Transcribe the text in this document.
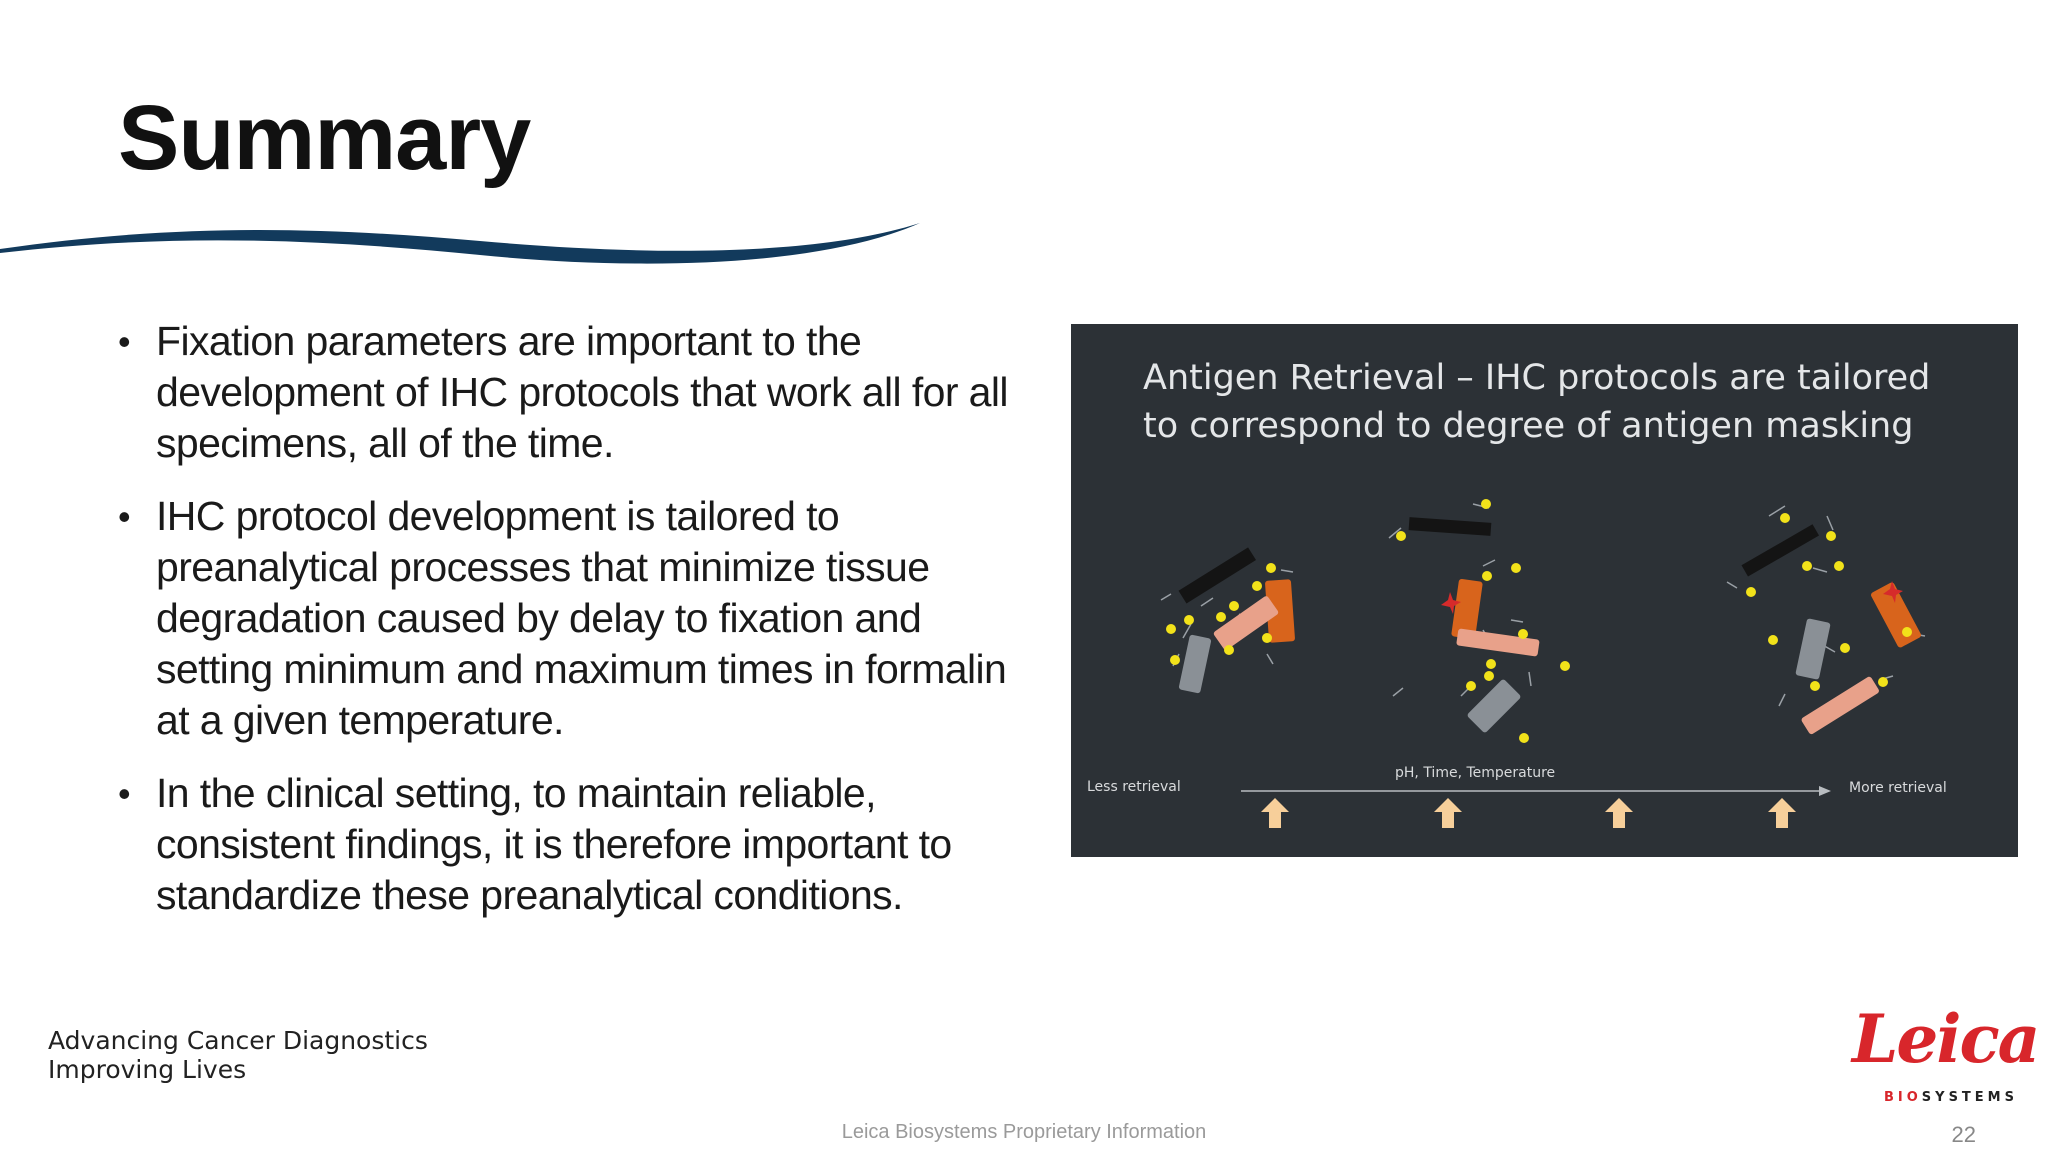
Summary
• Fixation parameters are important to the development of IHC protocols that work all for all specimens, all of the time.
• IHC protocol development is tailored to preanalytical processes that minimize tissue degradation caused by delay to fixation and setting minimum and maximum times in formalin at a given temperature.
• In the clinical setting, to maintain reliable, consistent findings, it is therefore important to standardize these preanalytical conditions.
Antigen Retrieval – IHC protocols are tailored
to correspond to degree of antigen masking
Less retrieval
pH, Time, Temperature
More retrieval
Advancing Cancer Diagnostics
Improving Lives
Leica Biosystems Proprietary Information
Leica
BIOSYSTEMS
22
